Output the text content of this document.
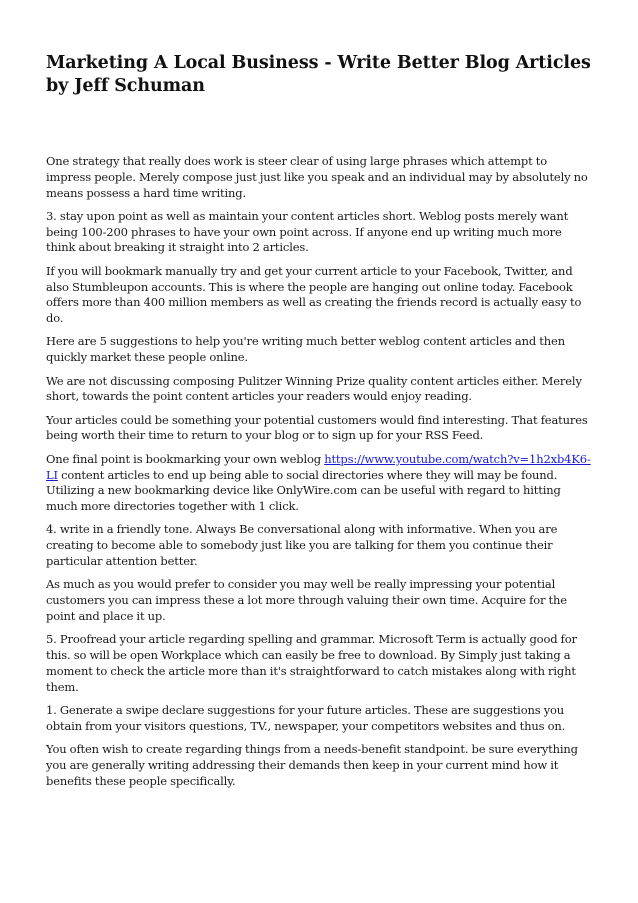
Marketing A Local Business - Write Better Blog Articles by Jeff Schuman

One strategy that really does work is steer clear of using large phrases which attempt to impress people. Merely compose just just like you speak and an individual may by absolutely no means possess a hard time writing.

3. stay upon point as well as maintain your content articles short. Weblog posts merely want being 100-200 phrases to have your own point across. If anyone end up writing much more think about breaking it straight into 2 articles.

If you will bookmark manually try and get your current article to your Facebook, Twitter, and also Stumbleupon accounts. This is where the people are hanging out online today. Facebook offers more than 400 million members as well as creating the friends record is actually easy to do.

Here are 5 suggestions to help you're writing much better weblog content articles and then quickly market these people online.

We are not discussing composing Pulitzer Winning Prize quality content articles either. Merely short, towards the point content articles your readers would enjoy reading.

Your articles could be something your potential customers would find interesting. That features being worth their time to return to your blog or to sign up for your RSS Feed.

One final point is bookmarking your own weblog https://www.youtube.com/watch?v=1h2xb4K6-LI content articles to end up being able to social directories where they will may be found. Utilizing a new bookmarking device like OnlyWire.com can be useful with regard to hitting much more directories together with 1 click.

4. write in a friendly tone. Always Be conversational along with informative. When you are creating to become able to somebody just like you are talking for them you continue their particular attention better.

As much as you would prefer to consider you may well be really impressing your potential customers you can impress these a lot more through valuing their own time. Acquire for the point and place it up.

5. Proofread your article regarding spelling and grammar. Microsoft Term is actually good for this. so will be open Workplace which can easily be free to download. By Simply just taking a moment to check the article more than it's straightforward to catch mistakes along with right them.

1. Generate a swipe declare suggestions for your future articles. These are suggestions you obtain from your visitors questions, TV., newspaper, your competitors websites and thus on.

You often wish to create regarding things from a needs-benefit standpoint. be sure everything you are generally writing addressing their demands then keep in your current mind how it benefits these people specifically.
